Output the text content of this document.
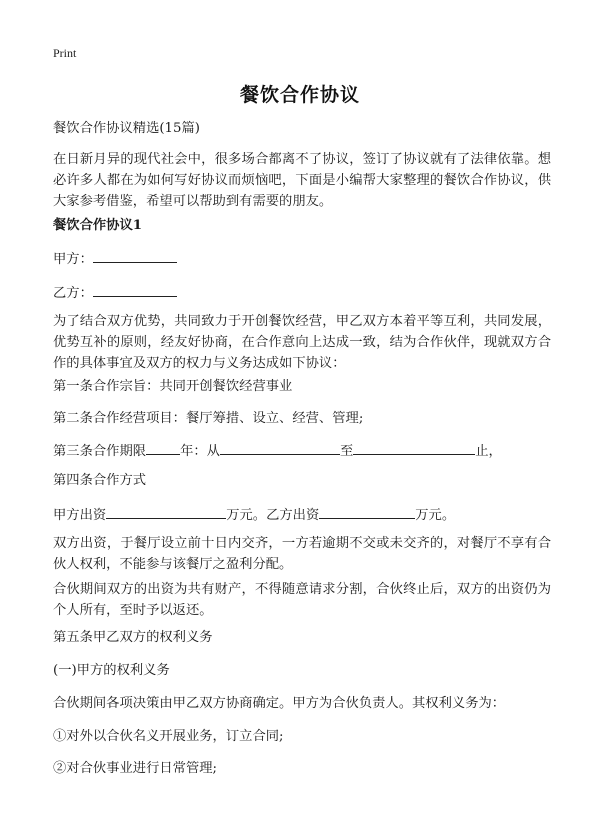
Print
餐饮合作协议
餐饮合作协议精选(15篇)
在日新月异的现代社会中，很多场合都离不了协议，签订了协议就有了法律依靠。想必许多人都在为如何写好协议而烦恼吧，下面是小编帮大家整理的餐饮合作协议，供大家参考借鉴，希望可以帮助到有需要的朋友。
餐饮合作协议1
甲方：
乙方：
为了结合双方优势，共同致力于开创餐饮经营，甲乙双方本着平等互利，共同发展，优势互补的原则，经友好协商，在合作意向上达成一致，结为合作伙伴，现就双方合作的具体事宜及双方的权力与义务达成如下协议：
第一条合作宗旨：共同开创餐饮经营事业
第二条合作经营项目：餐厅筹措、设立、经营、管理;
第三条合作期限	年：从	至	止，
第四条合作方式
甲方出资	万元。乙方出资	万元。
双方出资，于餐厅设立前十日内交齐，一方若逾期不交或未交齐的，对餐厅不享有合伙人权利，不能参与该餐厅之盈利分配。
合伙期间双方的出资为共有财产，不得随意请求分割，合伙终止后，双方的出资仍为个人所有，至时予以返还。
第五条甲乙双方的权利义务
(一)甲方的权利义务
合伙期间各项决策由甲乙双方协商确定。甲方为合伙负责人。其权利义务为：
①对外以合伙名义开展业务，订立合同;
②对合伙事业进行日常管理;
